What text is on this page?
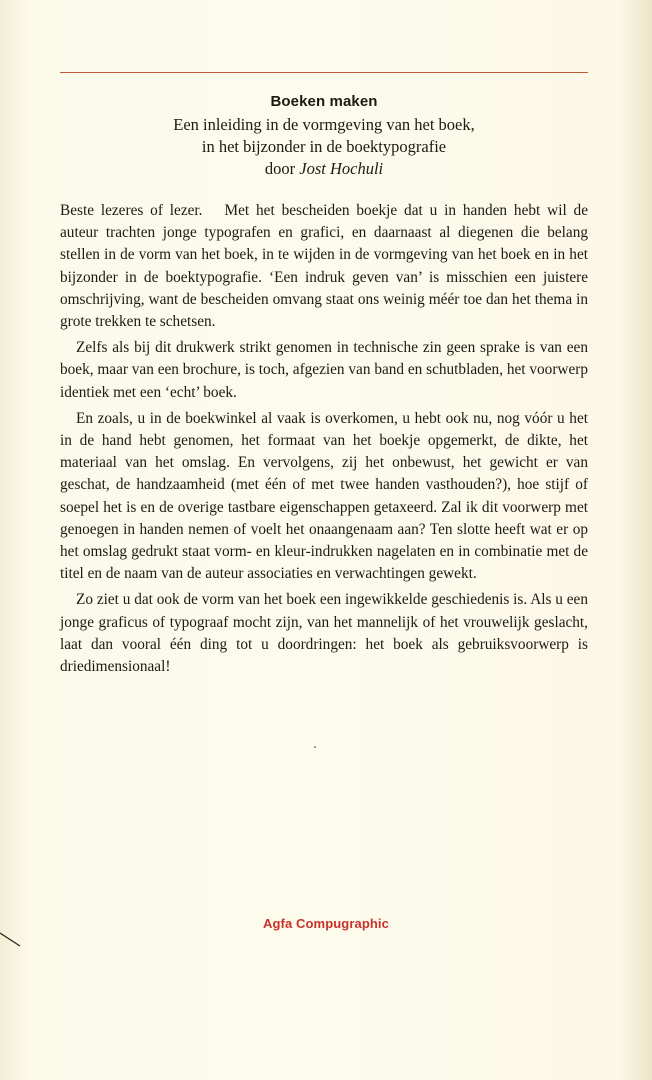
Boeken maken

Een inleiding in de vormgeving van het boek,

in het bijzonder in de boektypografie

door Jost Hochuli

Beste lezeres of lezer. Met het bescheiden boekje dat u in handen hebt wil de auteur trachten jonge typografen en grafici, en daarnaast al diegenen die belang stellen in de vorm van het boek, in te wijden in de vormgeving van het boek en in het bijzonder in de boektypografie. ‘Een indruk geven van’ is misschien een juistere omschrijving, want de bescheiden omvang staat ons weinig méér toe dan het thema in grote trekken te schetsen.

Zelfs als bij dit drukwerk strikt genomen in technische zin geen sprake is van een boek, maar van een brochure, is toch, afgezien van band en schutbladen, het voorwerp identiek met een ‘echt’ boek.

En zoals, u in de boekwinkel al vaak is overkomen, u hebt ook nu, nog vóór u het in de hand hebt genomen, het formaat van het boekje opgemerkt, de dikte, het materiaal van het omslag. En vervolgens, zij het onbewust, het gewicht er van geschat, de handzaamheid (met één of met twee handen vasthouden?), hoe stijf of soepel het is en de overige tastbare eigenschappen getaxeerd. Zal ik dit voorwerp met genoegen in handen nemen of voelt het onaangenaam aan? Ten slotte heeft wat er op het omslag gedrukt staat vorm- en kleur-indrukken nagelaten en in combinatie met de titel en de naam van de auteur associaties en verwachtingen gewekt.

Zo ziet u dat ook de vorm van het boek een ingewikkelde geschiedenis is. Als u een jonge graficus of typograaf mocht zijn, van het mannelijk of het vrouwelijk geslacht, laat dan vooral één ding tot u doordringen: het boek als gebruiksvoorwerp is driedimensionaal!

Agfa Compugraphic
